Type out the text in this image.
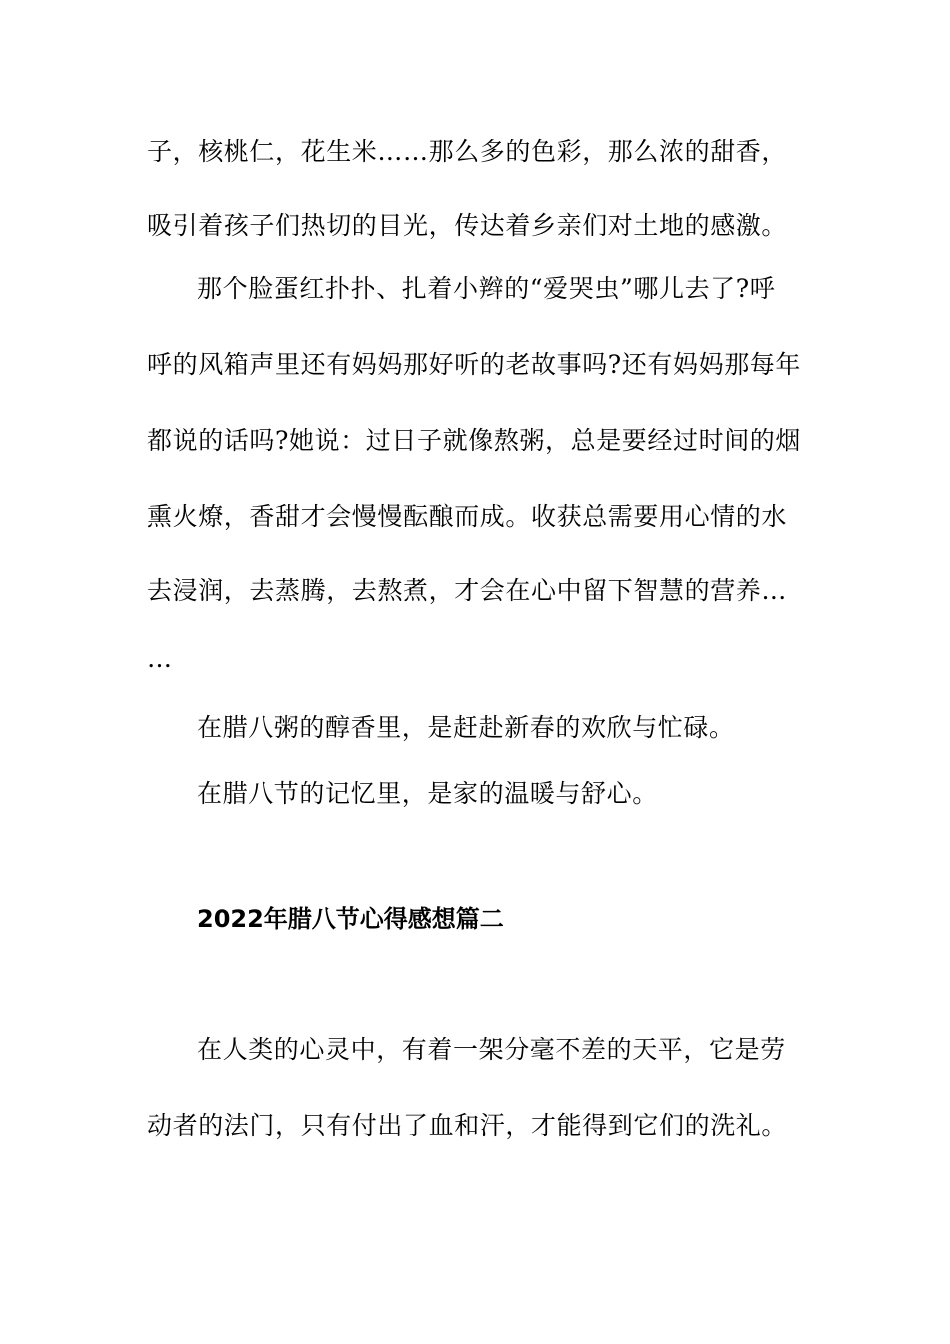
子，核桃仁，花生米……那么多的色彩，那么浓的甜香，
吸引着孩子们热切的目光，传达着乡亲们对土地的感激。
那个脸蛋红扑扑、扎着小辫的“爱哭虫”哪儿去了?呼
呼的风箱声里还有妈妈那好听的老故事吗?还有妈妈那每年
都说的话吗?她说：过日子就像熬粥，总是要经过时间的烟
熏火燎，香甜才会慢慢酝酿而成。收获总需要用心情的水
去浸润，去蒸腾，去熬煮，才会在心中留下智慧的营养…
…
在腊八粥的醇香里，是赶赴新春的欢欣与忙碌。
在腊八节的记忆里，是家的温暖与舒心。
2022年腊八节心得感想篇二
在人类的心灵中，有着一架分毫不差的天平，它是劳
动者的法门，只有付出了血和汗，才能得到它们的洗礼。
